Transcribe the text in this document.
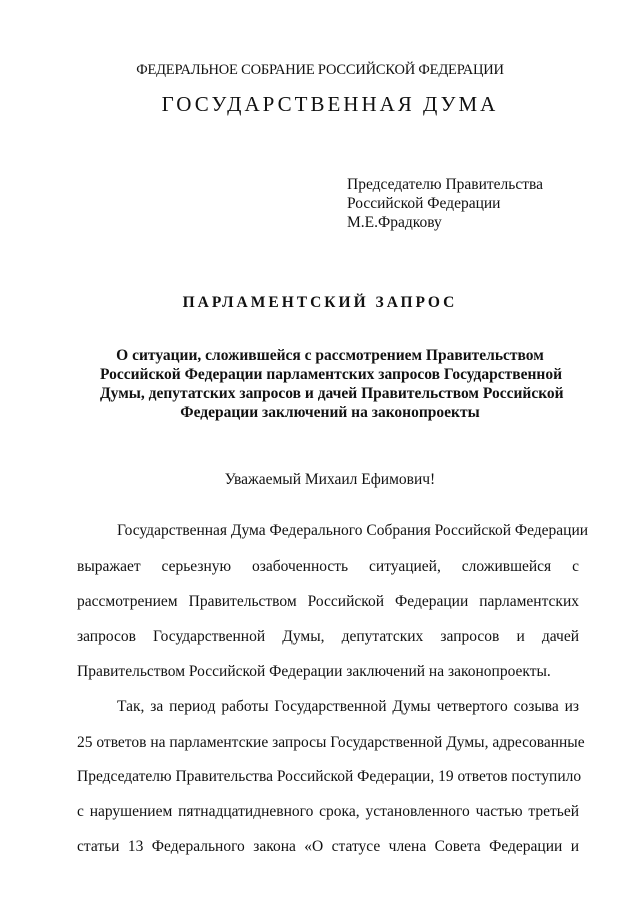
ФЕДЕРАЛЬНОЕ СОБРАНИЕ РОССИЙСКОЙ ФЕДЕРАЦИИ
ГОСУДАРСТВЕННАЯ ДУМА
Председателю Правительства
Российской Федерации
М.Е.Фрадкову
ПАРЛАМЕНТСКИЙ ЗАПРОС
О ситуации, сложившейся с рассмотрением Правительством
Российской Федерации парламентских запросов Государственной
Думы, депутатских запросов и дачей Правительством Российской
Федерации заключений на законопроекты
Уважаемый Михаил Ефимович!
Государственная Дума Федерального Собрания Российской Федерации
выражает серьезную озабоченность ситуацией, сложившейся с
рассмотрением Правительством Российской Федерации парламентских
запросов Государственной Думы, депутатских запросов и дачей
Правительством Российской Федерации заключений на законопроекты.
Так, за период работы Государственной Думы четвертого созыва из
25 ответов на парламентские запросы Государственной Думы, адресованные
Председателю Правительства Российской Федерации, 19 ответов поступило
с нарушением пятнадцатидневного срока, установленного частью третьей
статьи 13 Федерального закона «О статусе члена Совета Федерации и
